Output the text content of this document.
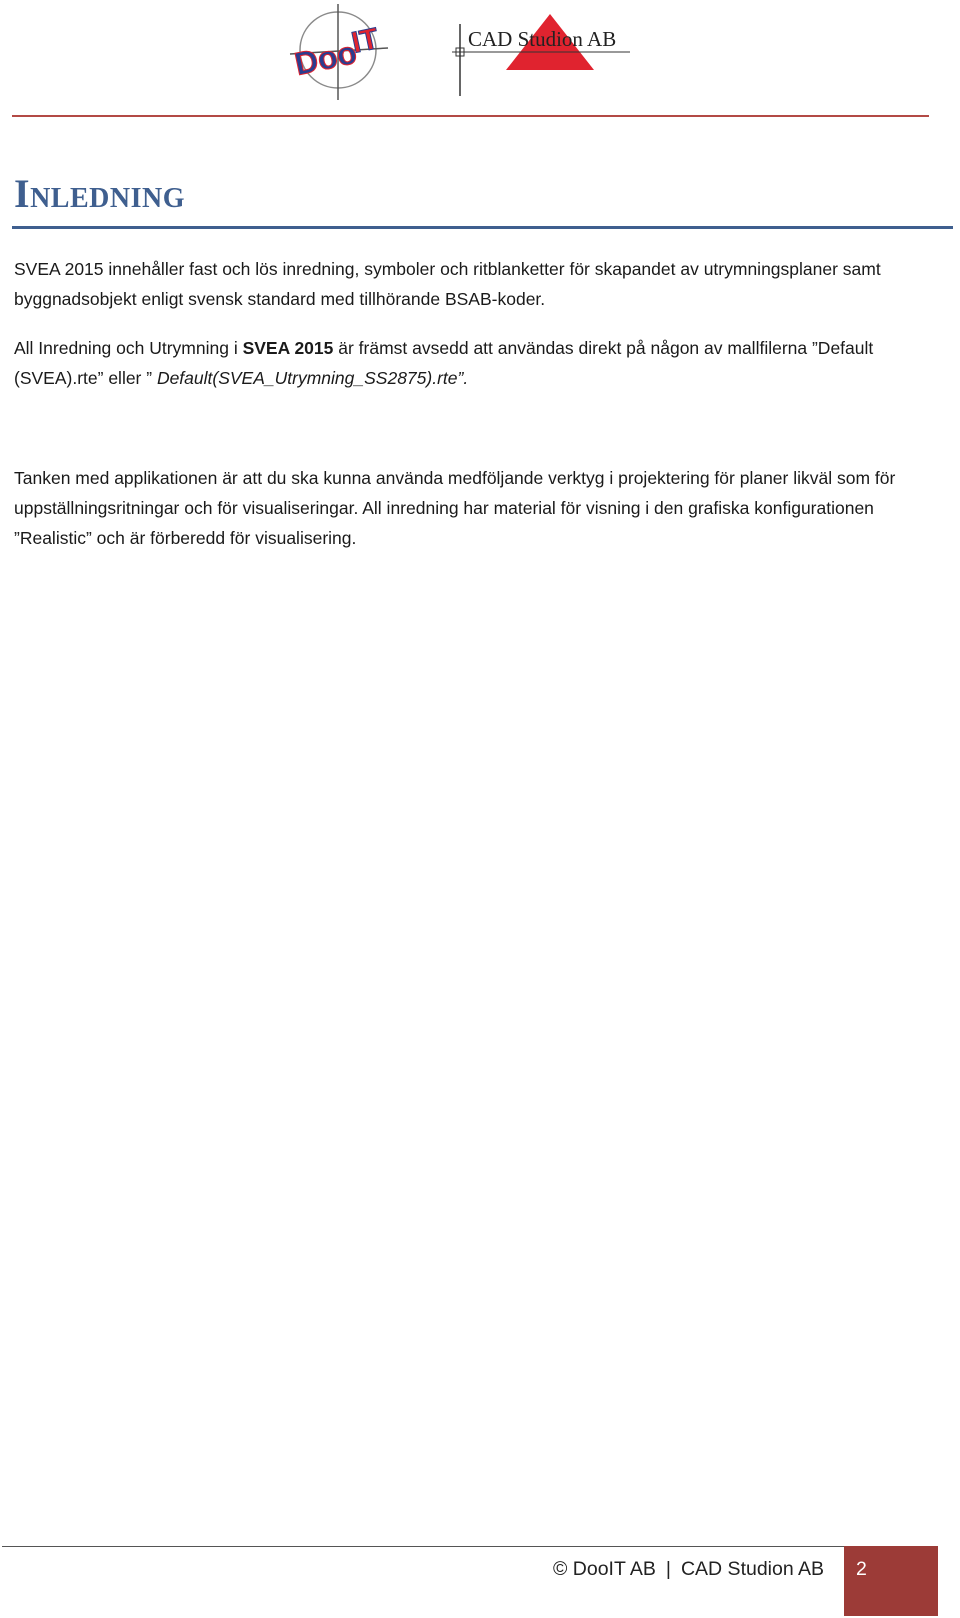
Doo
IT	CAD Studion AB
Inledning

SVEA 2015 innehåller fast och lös inredning, symboler och ritblanketter för skapandet av utrymningsplaner samt byggnadsobjekt enligt svensk standard med tillhörande BSAB-koder.

All Inredning och Utrymning i SVEA 2015 är främst avsedd att användas direkt på någon av mallfilerna ”Default (SVEA).rte” eller ” Default(SVEA_Utrymning_SS2875).rte”.

Tanken med applikationen är att du ska kunna använda medföljande verktyg i projektering för planer likväl som för uppställningsritningar och för visualiseringar. All inredning har material för visning i den grafiska konfigurationen ”Realistic” och är förberedd för visualisering.

© DooIT AB | CAD Studion AB 2
